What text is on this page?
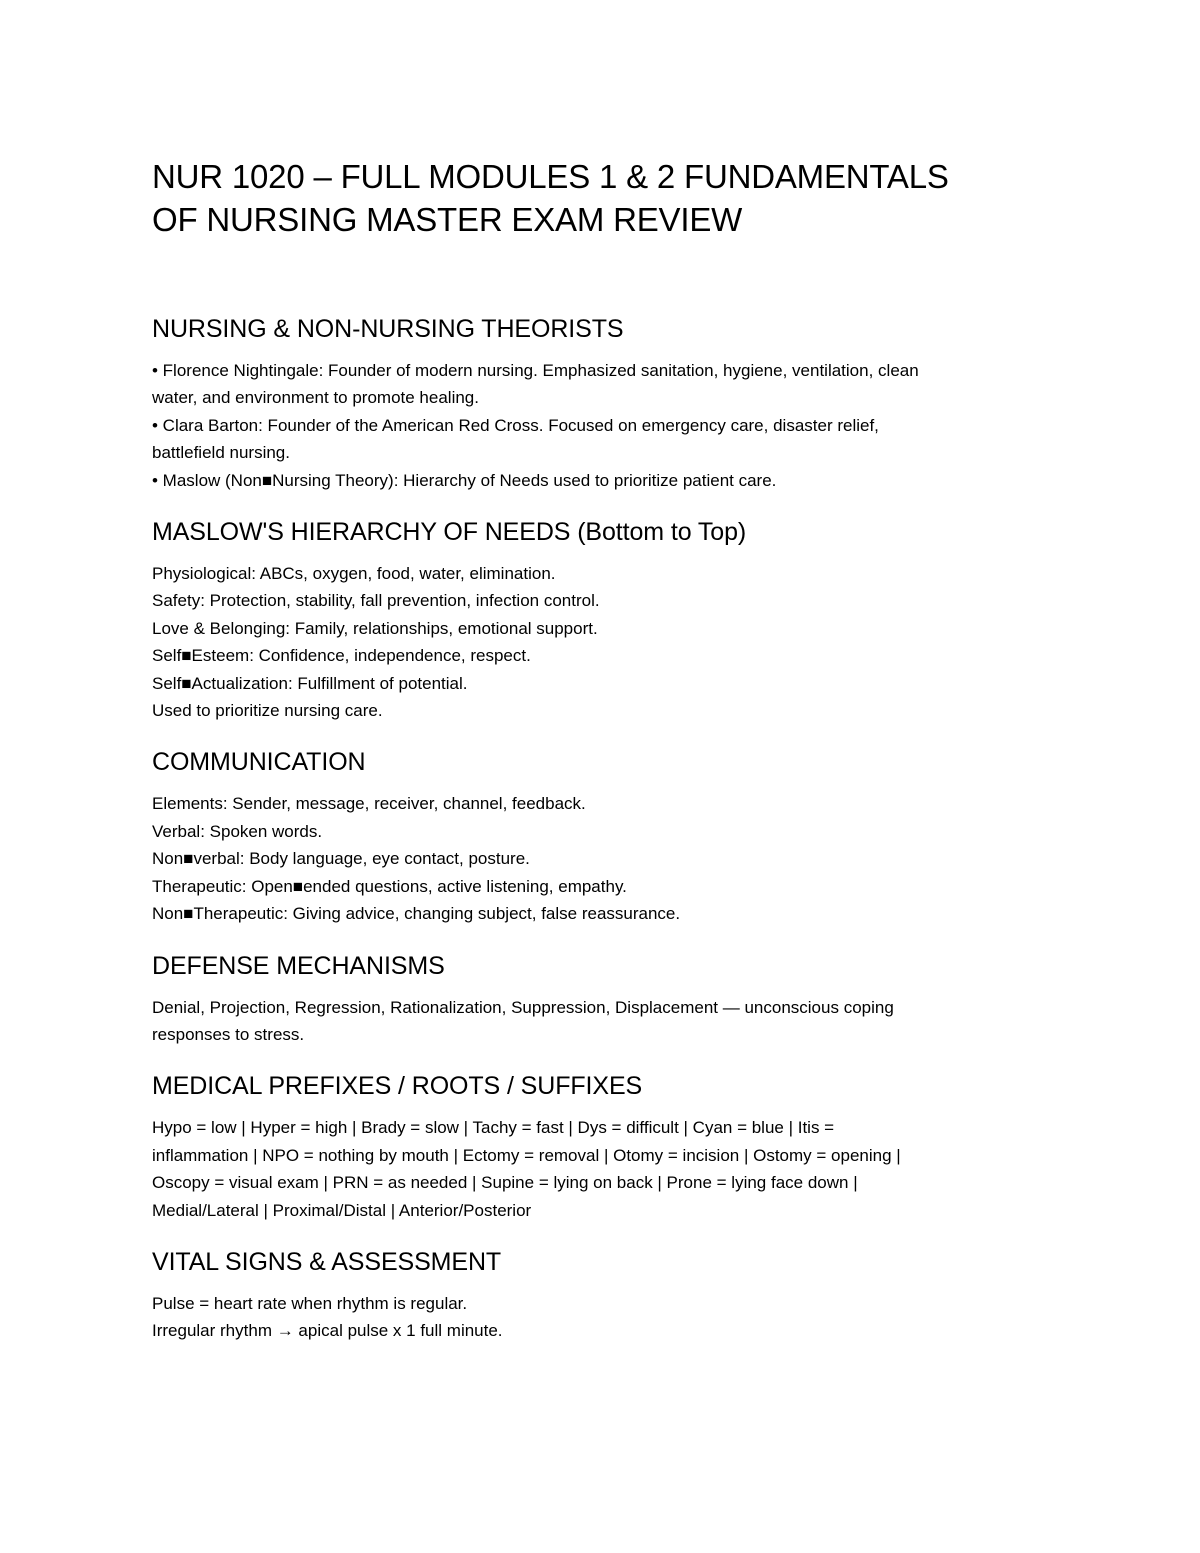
NUR 1020 – FULL MODULES 1 & 2 FUNDAMENTALS
OF NURSING MASTER EXAM REVIEW
NURSING & NON-NURSING THEORISTS

• Florence Nightingale: Founder of modern nursing. Emphasized sanitation, hygiene, ventilation, clean

water, and environment to promote healing.

• Clara Barton: Founder of the American Red Cross. Focused on emergency care, disaster relief,

battlefield nursing.

• Maslow (Non■Nursing Theory): Hierarchy of Needs used to prioritize patient care.

MASLOW'S HIERARCHY OF NEEDS (Bottom to Top)

Physiological: ABCs, oxygen, food, water, elimination.

Safety: Protection, stability, fall prevention, infection control.

Love & Belonging: Family, relationships, emotional support.

Self■Esteem: Confidence, independence, respect.

Self■Actualization: Fulfillment of potential.

Used to prioritize nursing care.

COMMUNICATION

Elements: Sender, message, receiver, channel, feedback.

Verbal: Spoken words.

Non■verbal: Body language, eye contact, posture.

Therapeutic: Open■ended questions, active listening, empathy.

Non■Therapeutic: Giving advice, changing subject, false reassurance.

DEFENSE MECHANISMS

Denial, Projection, Regression, Rationalization, Suppression, Displacement — unconscious coping

responses to stress.

MEDICAL PREFIXES / ROOTS / SUFFIXES

Hypo = low | Hyper = high | Brady = slow | Tachy = fast | Dys = difficult | Cyan = blue | Itis =

inflammation | NPO = nothing by mouth | Ectomy = removal | Otomy = incision | Ostomy = opening |

Oscopy = visual exam | PRN = as needed | Supine = lying on back | Prone = lying face down |

Medial/Lateral | Proximal/Distal | Anterior/Posterior

VITAL SIGNS & ASSESSMENT

Pulse = heart rate when rhythm is regular.

Irregular rhythm → apical pulse x 1 full minute.
